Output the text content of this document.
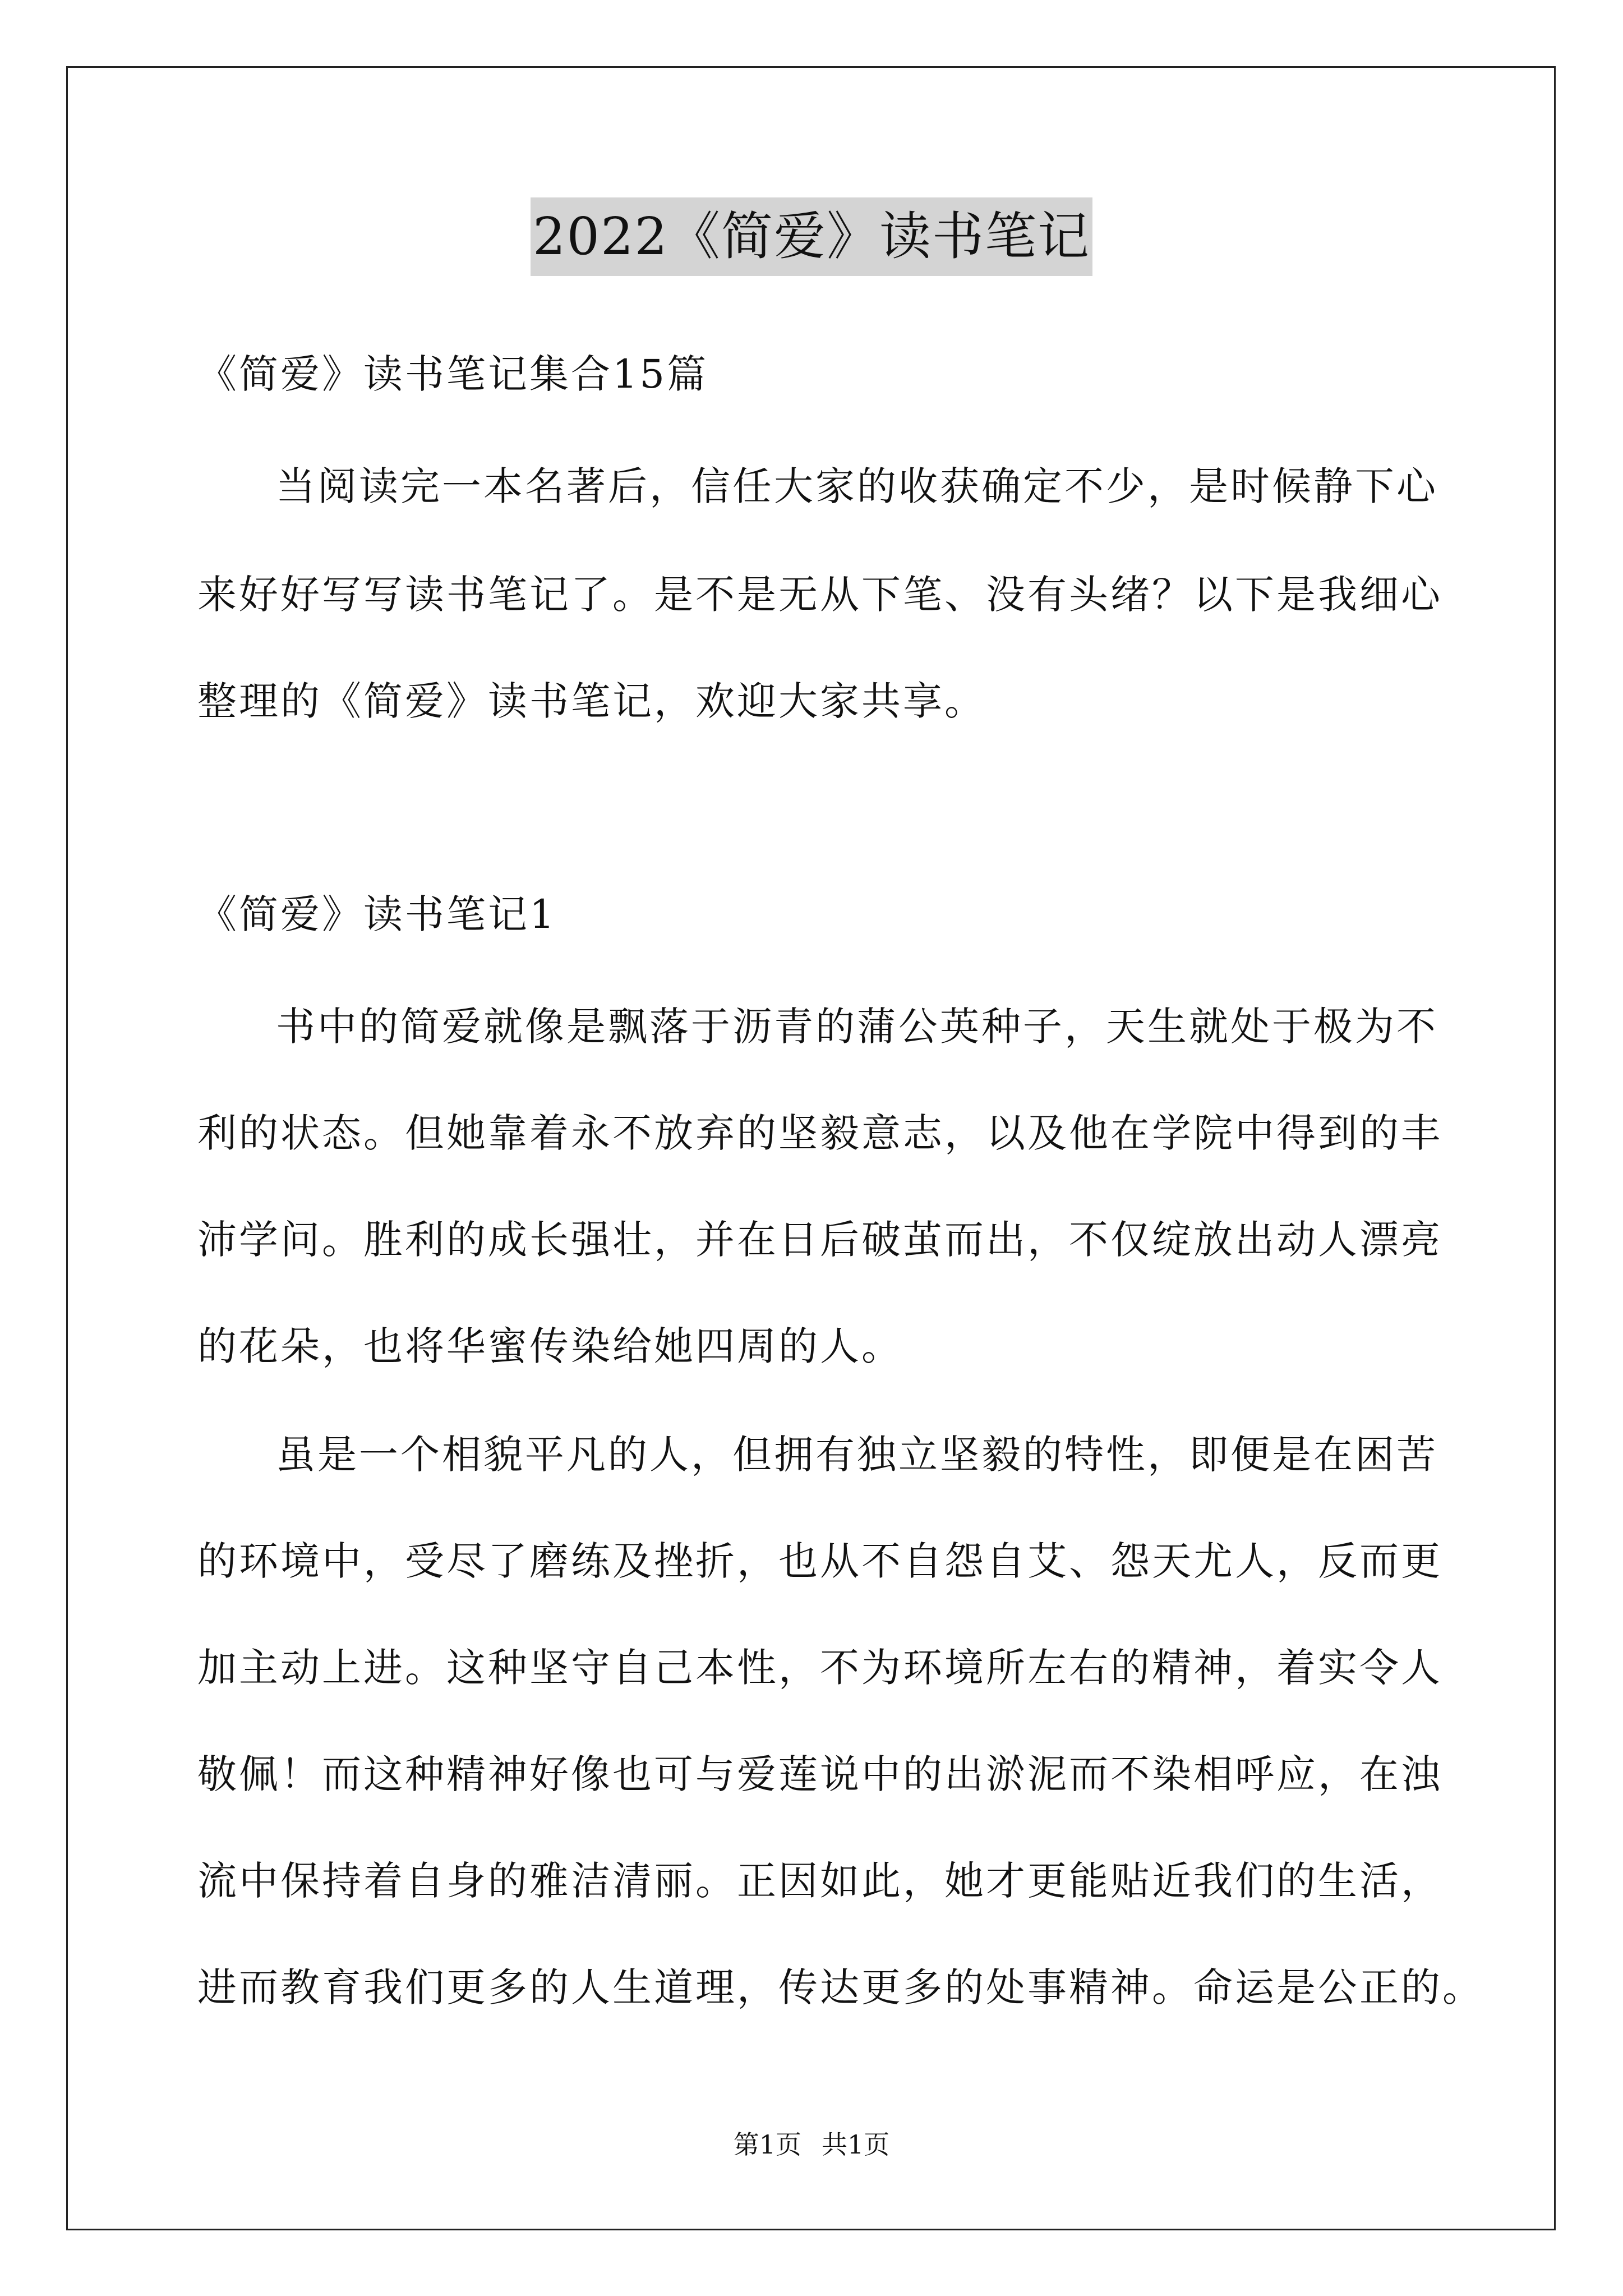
2022《简爱》读书笔记
《简爱》读书笔记集合15篇
当阅读完一本名著后，信任大家的收获确定不少，是时候静下心
来好好写写读书笔记了。是不是无从下笔、没有头绪？以下是我细心
整理的《简爱》读书笔记，欢迎大家共享。
《简爱》读书笔记1
书中的简爱就像是飘落于沥青的蒲公英种子，天生就处于极为不
利的状态。但她靠着永不放弃的坚毅意志，以及他在学院中得到的丰
沛学问。胜利的成长强壮，并在日后破茧而出，不仅绽放出动人漂亮
的花朵，也将华蜜传染给她四周的人。
虽是一个相貌平凡的人，但拥有独立坚毅的特性，即便是在困苦
的环境中，受尽了磨练及挫折，也从不自怨自艾、怨天尤人，反而更
加主动上进。这种坚守自己本性，不为环境所左右的精神，着实令人
敬佩！而这种精神好像也可与爱莲说中的出淤泥而不染相呼应，在浊
流中保持着自身的雅洁清丽。正因如此，她才更能贴近我们的生活，
进而教育我们更多的人生道理，传达更多的处事精神。命运是公正的。
第1页 共1页
